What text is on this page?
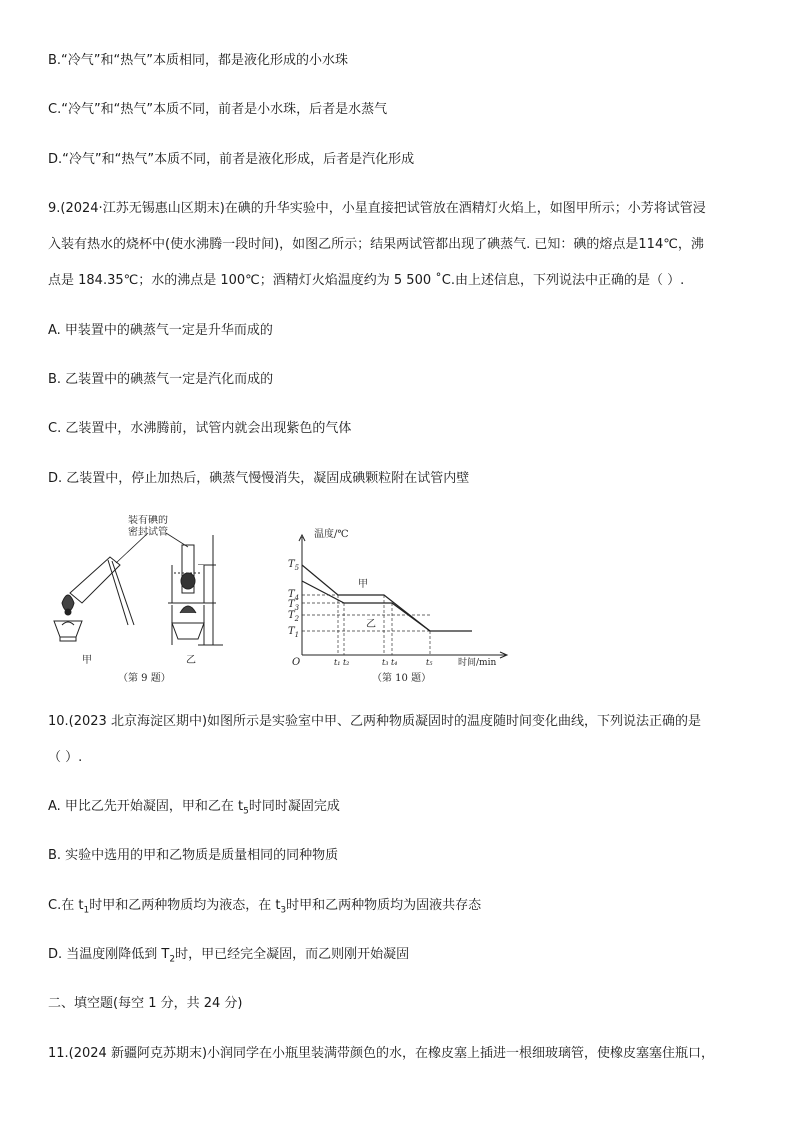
B.“冷气”和“热气”本质相同，都是液化形成的小水珠
C.“冷气”和“热气”本质不同，前者是小水珠，后者是水蒸气
D.“冷气”和“热气”本质不同，前者是液化形成，后者是汽化形成
9.(2024·江苏无锡惠山区期末)在碘的升华实验中，小星直接把试管放在酒精灯火焰上，如图甲所示；小芳将试管浸
入装有热水的烧杯中(使水沸腾一段时间)，如图乙所示；结果两试管都出现了碘蒸气. 已知：碘的熔点是114℃，沸
点是 184.35℃；水的沸点是 100℃；酒精灯火焰温度约为 5 500 ˚C.由上述信息，下列说法中正确的是（ ）.
A. 甲装置中的碘蒸气一定是升华而成的
B. 乙装置中的碘蒸气一定是汽化而成的
C. 乙装置中，水沸腾前，试管内就会出现紫色的气体
D. 乙装置中，停止加热后，碘蒸气慢慢消失，凝固成碘颗粒附在试管内壁
装有碘的
密封试管
甲	乙
（第 9 题）
温度/℃
时间/min
O
$T_5$
$T_4$
$T_3$
$T_2$
$T_1$
t₁ t₂	t₃ t₄	t₅
甲
乙
（第 10 题）
10.(2023 北京海淀区期中)如图所示是实验室中甲、乙两种物质凝固时的温度随时间变化曲线，下列说法正确的是
（ ）.
A. 甲比乙先开始凝固，甲和乙在 $t_5$时同时凝固完成
B. 实验中选用的甲和乙物质是质量相同的同种物质
C.在 $t_1$时甲和乙两种物质均为液态，在 $t_3$时甲和乙两种物质均为固液共存态
D. 当温度刚降低到 $T_2$时，甲已经完全凝固，而乙则刚开始凝固
二、填空题(每空 1 分，共 24 分)
11.(2024 新疆阿克苏期末)小润同学在小瓶里装满带颜色的水，在橡皮塞上插进一根细玻璃管，使橡皮塞塞住瓶口，
